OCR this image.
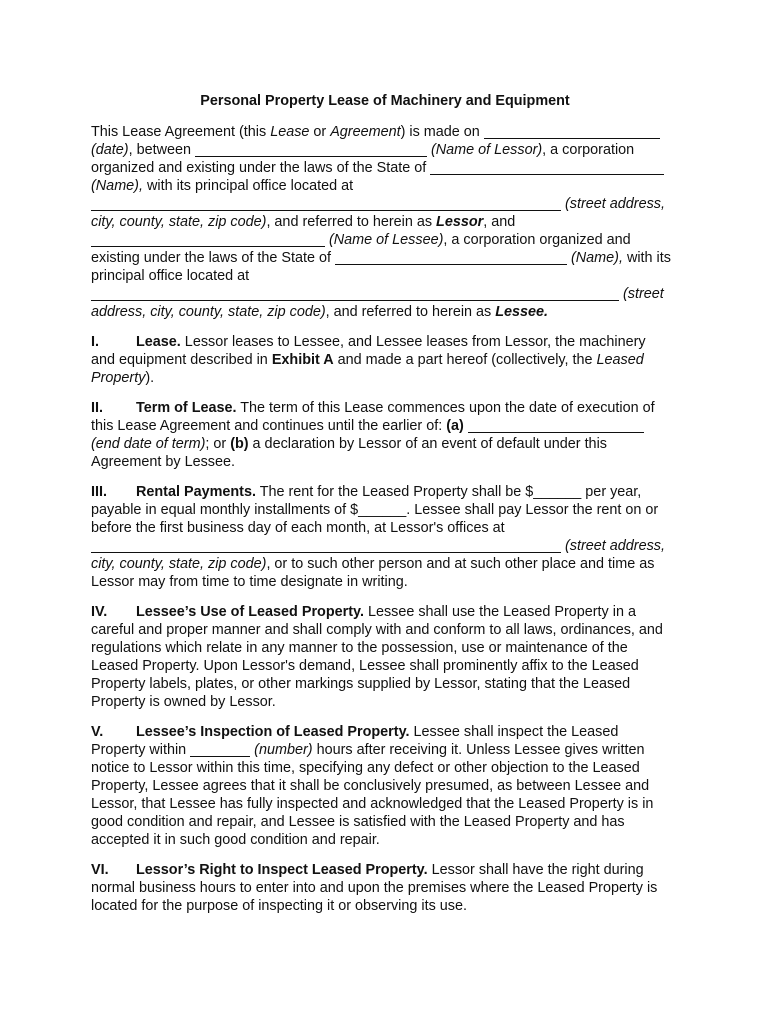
Personal Property Lease of Machinery and Equipment

This Lease Agreement (this Lease or Agreement) is made on  (date), between	(Name of Lessor), a corporation organized and existing under the laws of the State of  (Name), with its principal office located at  (street address, city, county, state, zip code), and referred to herein as Lessor, and  (Name of Lessee), a corporation organized and existing under the laws of the State of	(Name), with its principal office located at  (street address, city, county, state, zip code), and referred to herein as Lessee.

I.	Lease. Lessor leases to Lessee, and Lessee leases from Lessor, the machinery and equipment described in Exhibit A and made a part hereof (collectively, the Leased Property).

II. Term of Lease. The term of this Lease commences upon the date of execution of this Lease Agreement and continues until the earlier of: (a)  (end date of term); or (b) a declaration by Lessor of an event of default under this Agreement by Lessee.

III. Rental Payments. The rent for the Leased Property shall be $______ per year, payable in equal monthly installments of $______. Lessee shall pay Lessor the rent on or before the first business day of each month, at Lessor's offices at  (street address, city, county, state, zip code), or to such other person and at such other place and time as Lessor may from time to time designate in writing.

IV. Lessee’s Use of Leased Property. Lessee shall use the Leased Property in a careful and proper manner and shall comply with and conform to all laws, ordinances, and regulations which relate in any manner to the possession, use or maintenance of the Leased Property. Upon Lessor's demand, Lessee shall prominently affix to the Leased Property labels, plates, or other markings supplied by Lessor, stating that the Leased Property is owned by Lessor.

V. Lessee’s Inspection of Leased Property. Lessee shall inspect the Leased Property within	(number) hours after receiving it. Unless Lessee gives written notice to Lessor within this time, specifying any defect or other objection to the Leased Property, Lessee agrees that it shall be conclusively presumed, as between Lessee and Lessor, that Lessee has fully inspected and acknowledged that the Leased Property is in good condition and repair, and Lessee is satisfied with the Leased Property and has accepted it in such good condition and repair.

VI. Lessor’s Right to Inspect Leased Property. Lessor shall have the right during normal business hours to enter into and upon the premises where the Leased Property is located for the purpose of inspecting it or observing its use.
